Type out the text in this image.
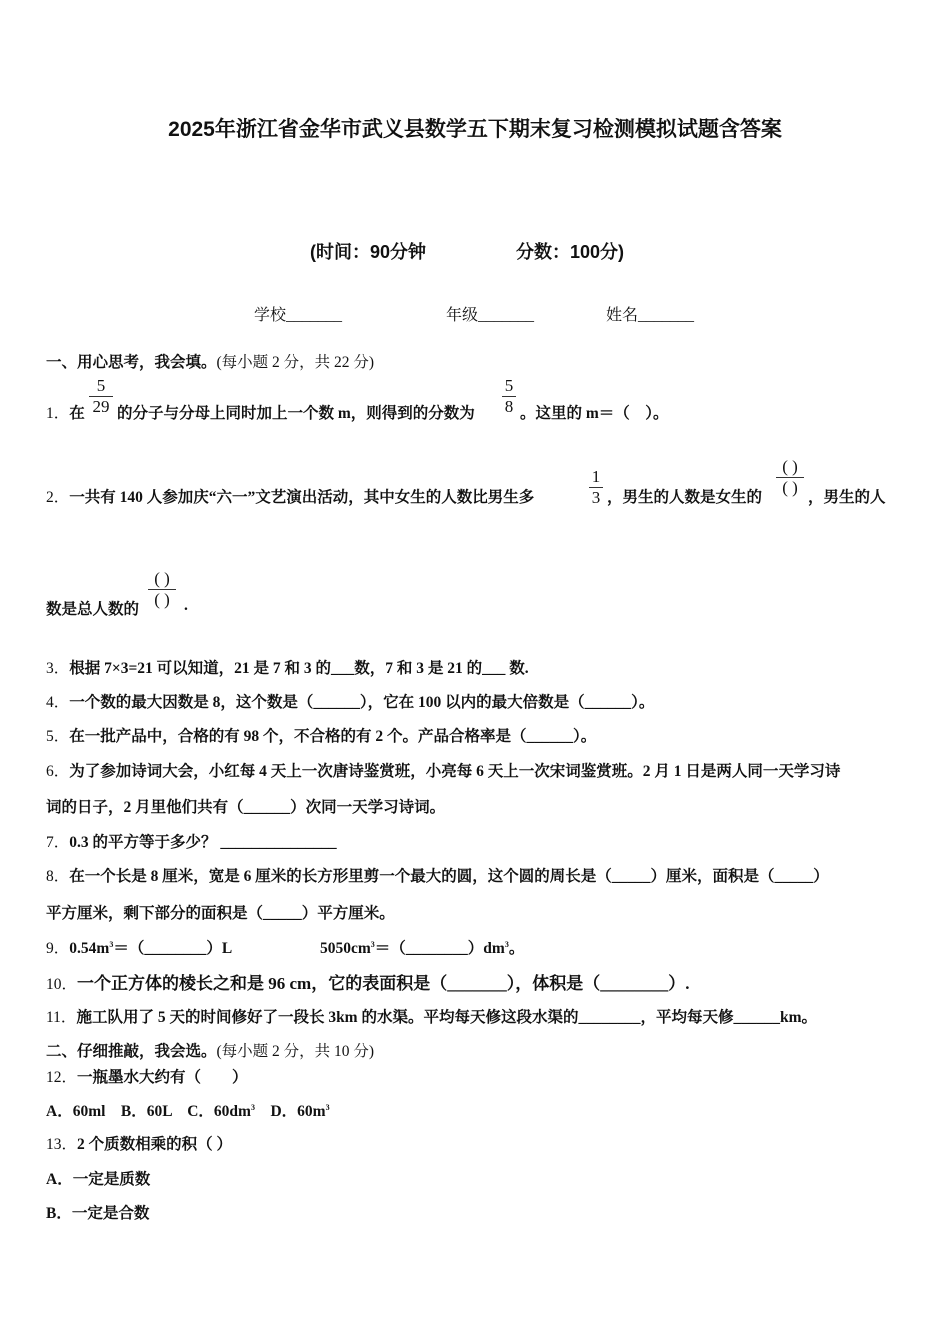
2025年浙江省金华市武义县数学五下期末复习检测模拟试题含答案
(时间：90分钟	分数：100分)
学校_______	年级_______	姓名_______
一、用心思考，我会填。(每小题 2 分，共 22 分)
1．在 $\frac{5}{29}$ 的分子与分母上同时加上一个数 m，则得到的分数为 $\frac{5}{8}$ 。这里的 m＝（　）。
2．一共有 140 人参加庆“六一”文艺演出活动，其中女生的人数比男生多	$\frac{1}{3}$ ，男生的人数是女生的
( )
( )
，男生的人
数是总人数的
( )
( ) .
3．根据 7×3=21 可以知道，21 是 7 和 3 的___数，7 和 3 是 21 的___ 数.
4．一个数的最大因数是 8，这个数是（______），它在 100 以内的最大倍数是（______）。
5．在一批产品中，合格的有 98 个，不合格的有 2 个。产品合格率是（______）。
6．为了参加诗词大会，小红每 4 天上一次唐诗鉴赏班，小亮每 6 天上一次宋词鉴赏班。2 月 1 日是两人同一天学习诗
词的日子，2 月里他们共有（______）次同一天学习诗词。
7．0.3 的平方等于多少？ _______________
8．在一个长是 8 厘米，宽是 6 厘米的长方形里剪一个最大的圆，这个圆的周长是（_____）厘米，面积是（_____）
平方厘米，剩下部分的面积是（_____）平方厘米。
9．$0.54m^3=(\_\_\_\_\_\_\_\_)L$	$5050cm^3=(\_\_\_\_\_\_\_\_)dm^3$。
10．一个正方体的棱长之和是 96 cm，它的表面积是（_______），体积是（________）.
11．施工队用了 5 天的时间修好了一段长 3km 的水渠。平均每天修这段水渠的________，平均每天修______km。
二、仔细推敲，我会选。(每小题 2 分，共 10 分)
12．一瓶墨水大约有（　　）
A．60ml　B．60L　C．$60dm^3$　D．$60m^3$
13．2 个质数相乘的积（ ）
A．一定是质数
B．一定是合数
